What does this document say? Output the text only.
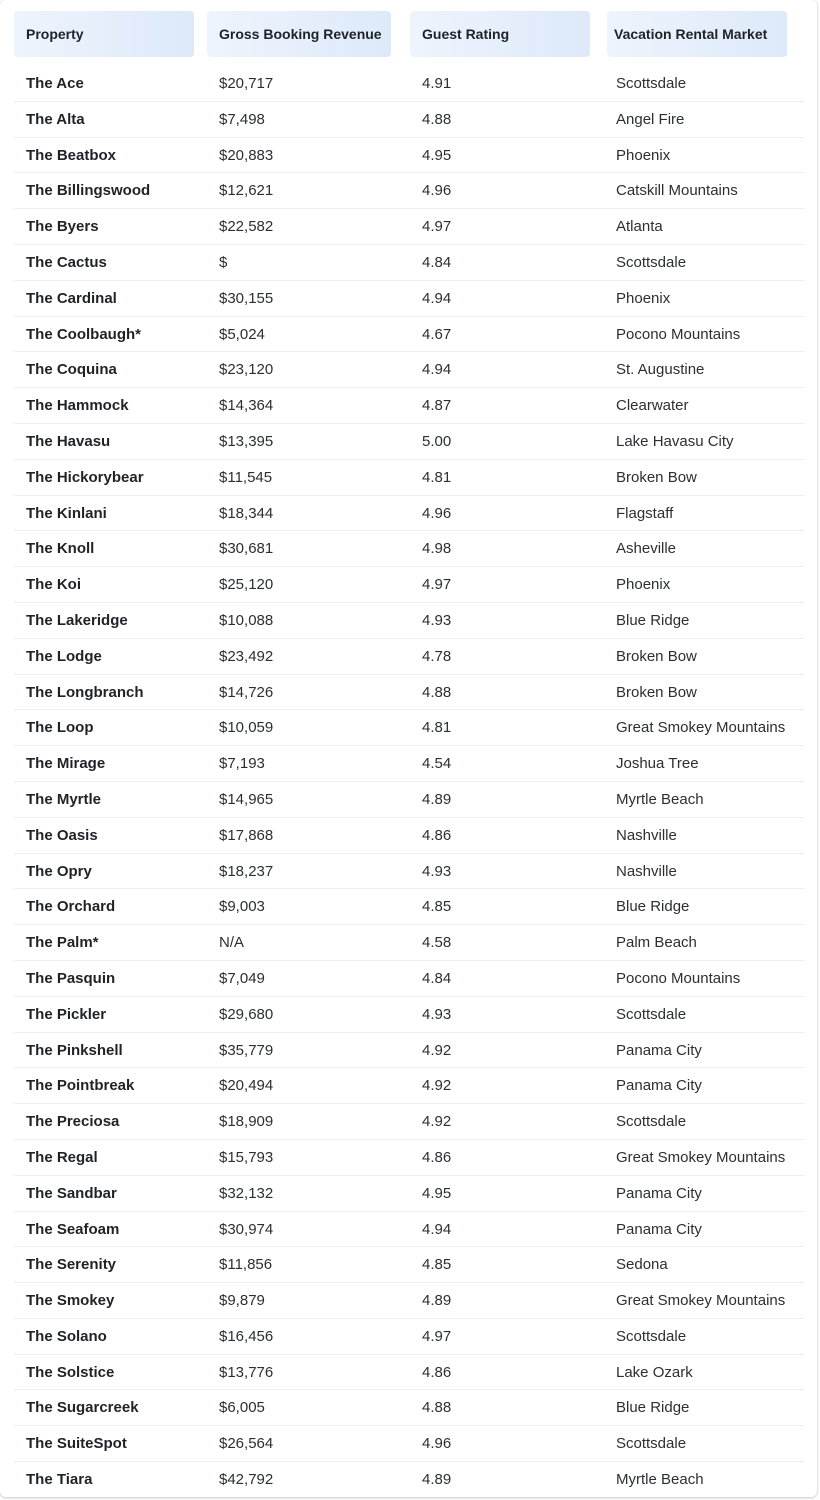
Property	Gross Booking Revenue	Guest Rating	Vacation Rental Market
The Ace	$20,717	4.91	Scottsdale
The Alta	$7,498	4.88	Angel Fire
The Beatbox	$20,883	4.95	Phoenix
The Billingswood	$12,621	4.96	Catskill Mountains
The Byers	$22,582	4.97	Atlanta
The Cactus	$	4.84	Scottsdale
The Cardinal	$30,155	4.94	Phoenix
The Coolbaugh*	$5,024	4.67	Pocono Mountains
The Coquina	$23,120	4.94	St. Augustine
The Hammock	$14,364	4.87	Clearwater
The Havasu	$13,395	5.00	Lake Havasu City
The Hickorybear	$11,545	4.81	Broken Bow
The Kinlani	$18,344	4.96	Flagstaff
The Knoll	$30,681	4.98	Asheville
The Koi	$25,120	4.97	Phoenix
The Lakeridge	$10,088	4.93	Blue Ridge
The Lodge	$23,492	4.78	Broken Bow
The Longbranch	$14,726	4.88	Broken Bow
The Loop	$10,059	4.81	Great Smokey Mountains
The Mirage	$7,193	4.54	Joshua Tree
The Myrtle	$14,965	4.89	Myrtle Beach
The Oasis	$17,868	4.86	Nashville
The Opry	$18,237	4.93	Nashville
The Orchard	$9,003	4.85	Blue Ridge
The Palm*	N/A	4.58	Palm Beach
The Pasquin	$7,049	4.84	Pocono Mountains
The Pickler	$29,680	4.93	Scottsdale
The Pinkshell	$35,779	4.92	Panama City
The Pointbreak	$20,494	4.92	Panama City
The Preciosa	$18,909	4.92	Scottsdale
The Regal	$15,793	4.86	Great Smokey Mountains
The Sandbar	$32,132	4.95	Panama City
The Seafoam	$30,974	4.94	Panama City
The Serenity	$11,856	4.85	Sedona
The Smokey	$9,879	4.89	Great Smokey Mountains
The Solano	$16,456	4.97	Scottsdale
The Solstice	$13,776	4.86	Lake Ozark
The Sugarcreek	$6,005	4.88	Blue Ridge
The SuiteSpot	$26,564	4.96	Scottsdale
The Tiara	$42,792	4.89	Myrtle Beach
